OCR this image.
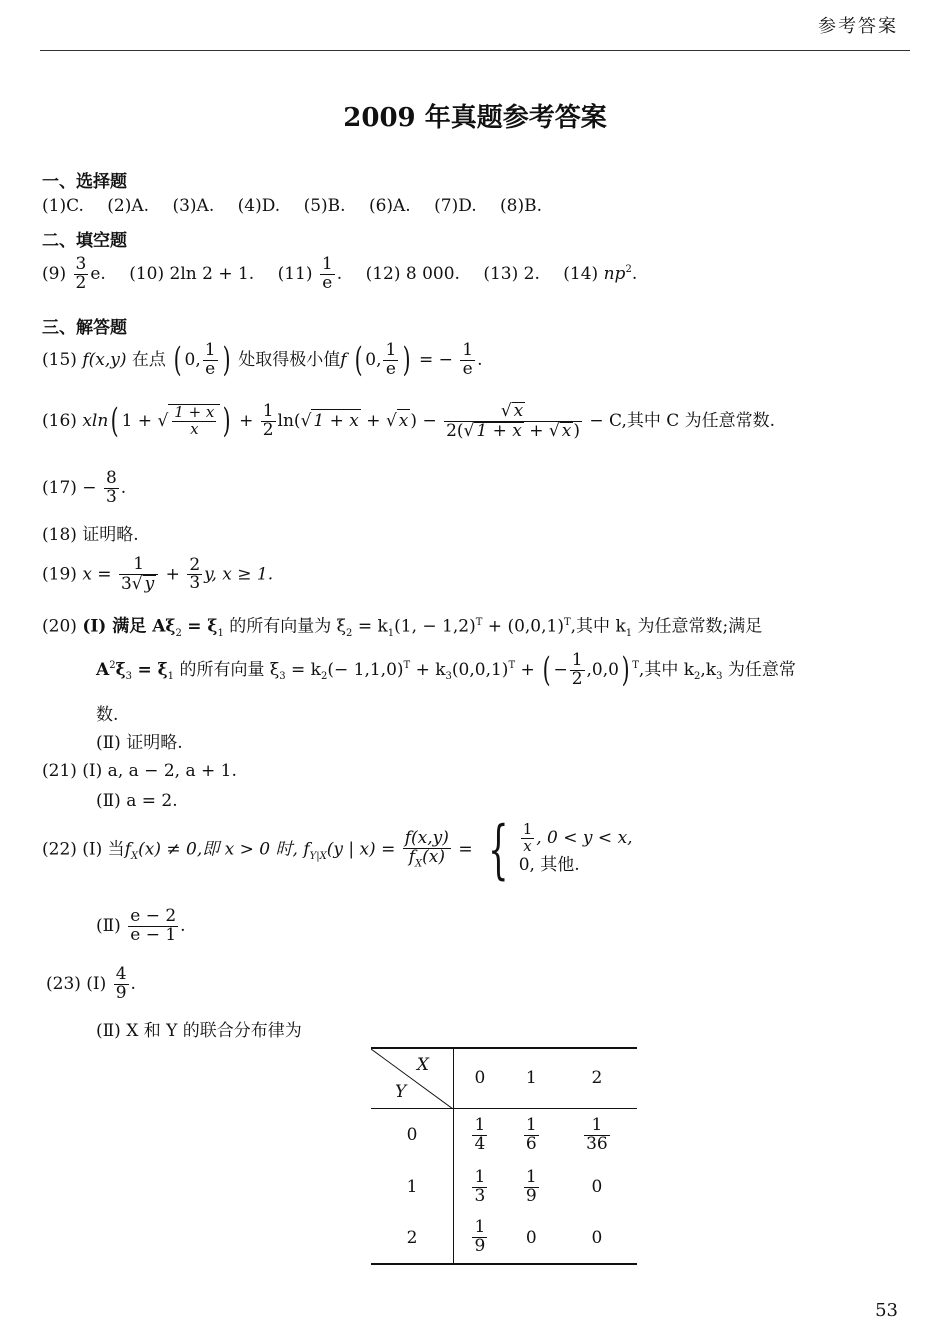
参考答案
2009 年真题参考答案
一、选择题
(1)C. (2)A. (3)A. (4)D. (5)B. (6)A. (7)D. (8)B.
二、填空题
$(9) \frac{3}{2} e$. (10) 2ln 2 + 1. $(11) \frac{1}{e}$ . (12) 8 000. (13) 2. (14) $np^2$.
三、解答题
(15) f(x,y) 在点 ( 0, $\frac{1}{e}$ ) 处取得极小值f ( 0, $\frac{1}{e}$ ) = − $\frac{1}{e}$ .
(16) xln( 1 + √ $\frac{1 + x}{x}$ ) + $\frac{1}{2} \ln(√$ 1 + x + √ x ) − $\frac{√ x}{2(√ 1 + x + √ x )} - C$,其中 C 为任意常数.
$(17) - \frac{8}{3}$ .
(18) 证明略.
(19) $x = \frac{1}{3√ y} + \frac{2}{3} y$, x ≥ 1.
(20) (Ⅰ) 满足 $A\xi_2 = \xi_1$ 的所有向量为 $\xi_2 = k_1(1$, − $1,2)^T + (0,0,1)^T$,其中 $k_1$ 为任意常数;满足
$A^2\xi_3 = \xi_1$ 的所有向量 $\xi_3 = k_2(- 1,1,0)^T + k_3(0,0,1)^T$ + ( − $\frac{1}{2} ,0,0$) $^T$,其中 $k_2,k_3$ 为任意常
数.
(Ⅱ) 证明略.
(21) (Ⅰ) a, a − 2, a + 1.
(Ⅱ) a = 2.
(22) (Ⅰ) 当$f_X(x) \ne 0$,即 x > 0 时, $f_{Y|X}(y$ | $x) = \frac{f(x,y)}{f_X(x)}$ = { $\frac{1}{x}$ , 0 < y < x,
0, 其他.
(Ⅱ) $\frac{e - 2}{e - 1}$ .
(23) (Ⅰ) $\frac{4}{9}$ .
(Ⅱ) X 和 Y 的联合分布律为
X
Y	0	1	2
0	$\frac{1}{4}$	$\frac{1}{6}$	$\frac{1}{36}$

1	$\frac{1}{3}$	$\frac{1}{9}$	0
2	$\frac{1}{9}$	0	0
53
